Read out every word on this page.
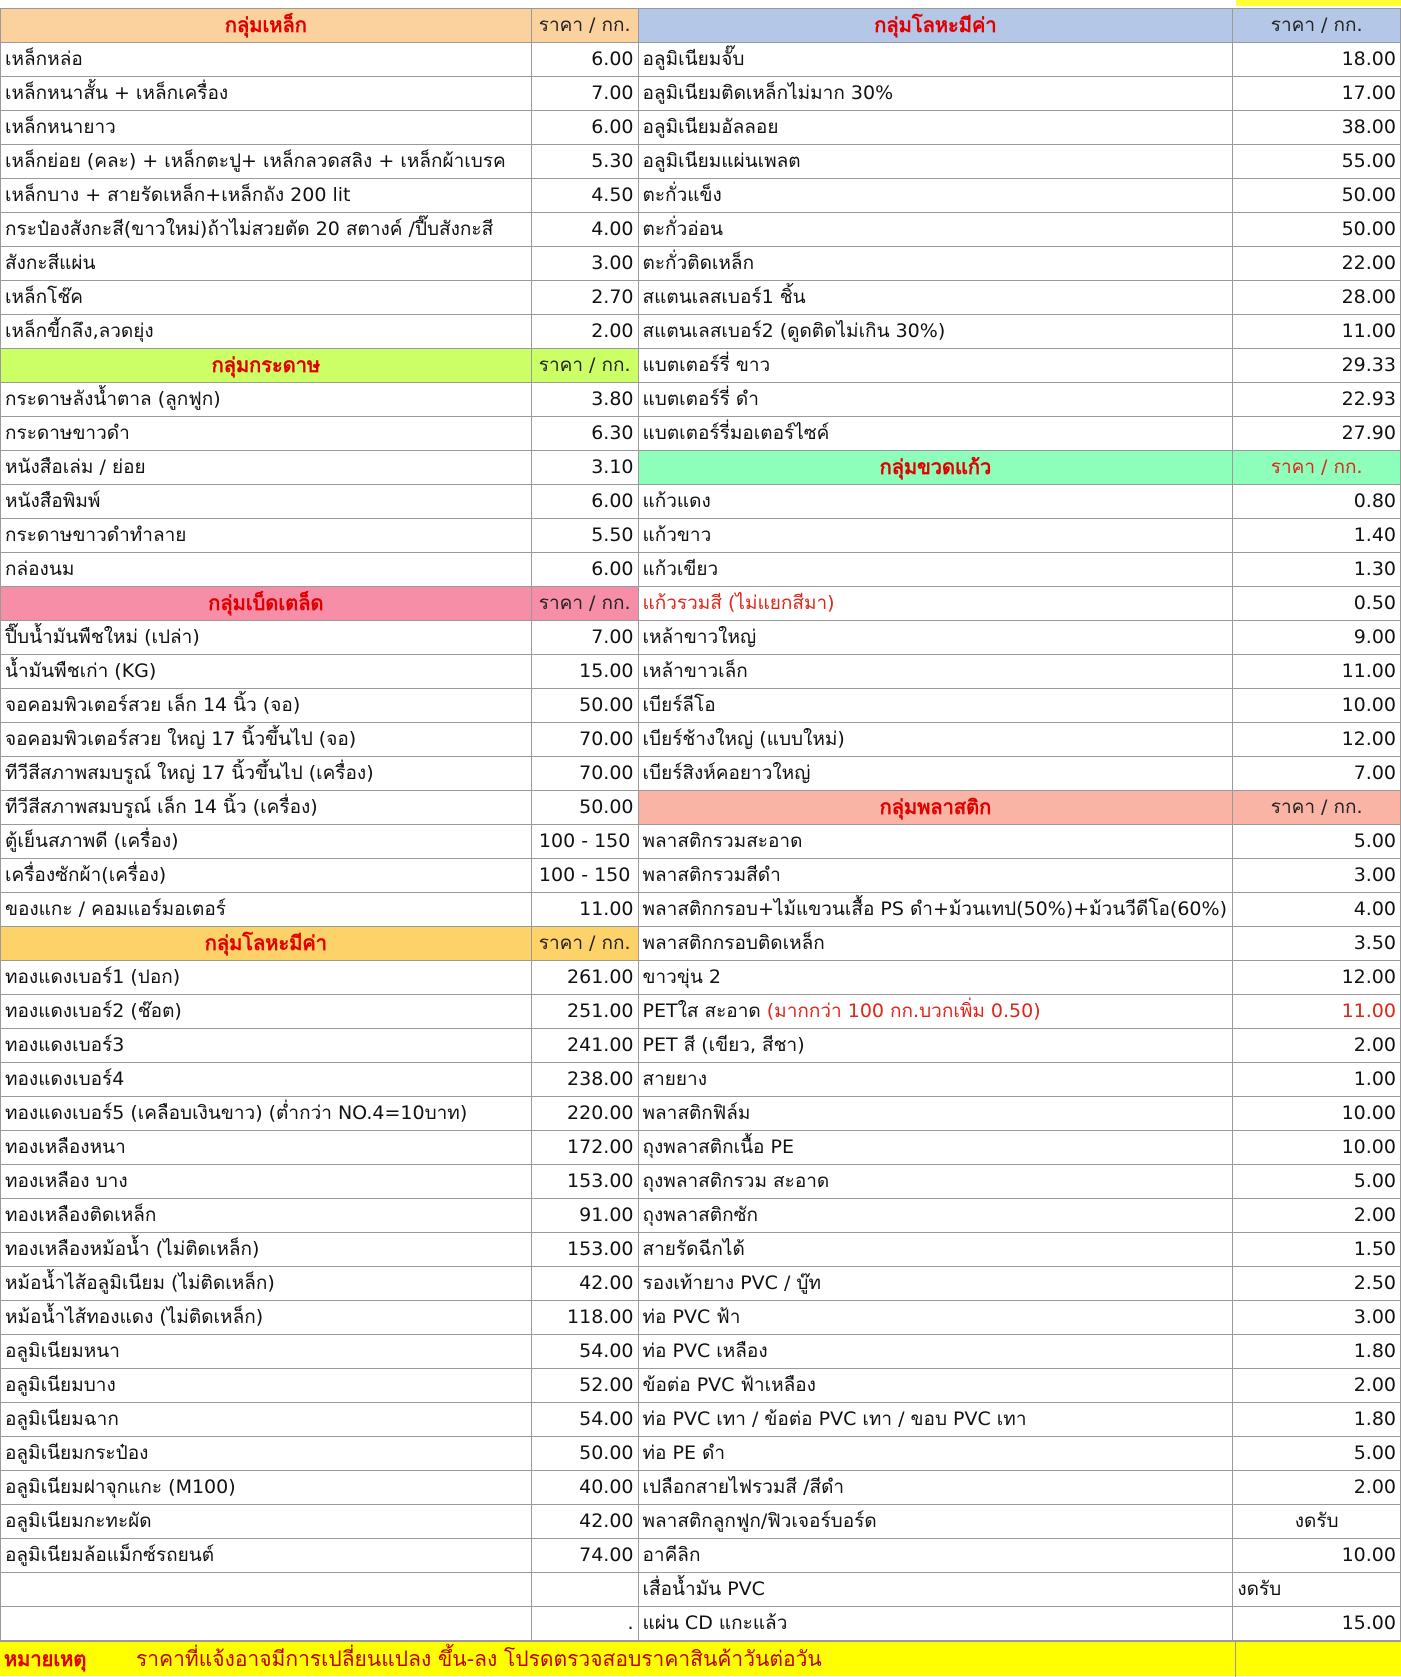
กลุ่มเหล็ก	ราคา / กก.	กลุ่มโลหะมีค่า	ราคา / กก.
เหล็กหล่อ	6.00	อลูมิเนียมจั๊บ	18.00
เหล็กหนาสั้น + เหล็กเครื่อง	7.00	อลูมิเนียมติดเหล็กไม่มาก 30%	17.00
เหล็กหนายาว	6.00	อลูมิเนียมอัลลอย	38.00
เหล็กย่อย (คละ) + เหล็กตะปู+ เหล็กลวดสลิง + เหล็กผ้าเบรค	5.30	อลูมิเนียมแผ่นเพลต	55.00
เหล็กบาง + สายรัดเหล็ก+เหล็กถัง 200 lit	4.50	ตะกั่วแข็ง	50.00
กระป๋องสังกะสี(ขาวใหม่)ถ้าไม่สวยตัด 20 สตางค์ /ปี๊บสังกะสี	4.00	ตะกั่วอ่อน	50.00
สังกะสีแผ่น	3.00	ตะกั่วติดเหล็ก	22.00
เหล็กโช๊ค	2.70	สแตนเลสเบอร์1 ชิ้น	28.00
เหล็กขี้กลึง,ลวดยุ่ง	2.00	สแตนเลสเบอร์2 (ดูดติดไม่เกิน 30%)	11.00
กลุ่มกระดาษ	ราคา / กก.	แบตเตอร์รี่ ขาว	29.33
กระดาษลังน้ำตาล (ลูกฟูก)	3.80	แบตเตอร์รี่ ดำ	22.93
กระดาษขาวดำ	6.30	แบตเตอร์รี่มอเตอร์ไซค์	27.90
หนังสือเล่ม / ย่อย	3.10	กลุ่มขวดแก้ว	ราคา / กก.
หนังสือพิมพ์	6.00	แก้วแดง	0.80
กระดาษขาวดำทำลาย	5.50	แก้วขาว	1.40
กล่องนม	6.00	แก้วเขียว	1.30
กลุ่มเบ็ดเตล็ด	ราคา / กก.	แก้วรวมสี (ไม่แยกสีมา)	0.50
ปี๊บน้ำมันพืชใหม่ (เปล่า)	7.00	เหล้าขาวใหญ่	9.00
น้ำมันพืชเก่า (KG)	15.00	เหล้าขาวเล็ก	11.00
จอคอมพิวเตอร์สวย เล็ก 14 นิ้ว (จอ)	50.00	เบียร์ลีโอ	10.00
จอคอมพิวเตอร์สวย ใหญ่ 17 นิ้วขึ้นไป (จอ)	70.00	เบียร์ช้างใหญ่ (แบบใหม่)	12.00
ทีวีสีสภาพสมบรูณ์ ใหญ่ 17 นิ้วขึ้นไป (เครื่อง)	70.00	เบียร์สิงห์คอยาวใหญ่	7.00
ทีวีสีสภาพสมบรูณ์ เล็ก 14 นิ้ว (เครื่อง)	50.00	กลุ่มพลาสติก	ราคา / กก.
ตู้เย็นสภาพดี (เครื่อง)	100 - 150	พลาสติกรวมสะอาด	5.00
เครื่องซักผ้า(เครื่อง)	100 - 150	พลาสติกรวมสีดำ	3.00
ของแกะ / คอมแอร์มอเตอร์	11.00	พลาสติกกรอบ+ไม้แขวนเสื้อ PS ดำ+ม้วนเทป(50%)+ม้วนวีดีโอ(60%)	4.00
กลุ่มโลหะมีค่า	ราคา / กก.	พลาสติกกรอบติดเหล็ก	3.50
ทองแดงเบอร์1 (ปอก)	261.00	ขาวขุ่น 2	12.00
ทองแดงเบอร์2 (ช๊อต)	251.00	PETใส สะอาด (มากกว่า 100 กก.บวกเพิ่ม 0.50)	11.00
ทองแดงเบอร์3	241.00	PET สี (เขียว, สีชา)	2.00
ทองแดงเบอร์4	238.00	สายยาง	1.00
ทองแดงเบอร์5 (เคลือบเงินขาว) (ต่ำกว่า NO.4=10บาท)	220.00	พลาสติกฟิล์ม	10.00
ทองเหลืองหนา	172.00	ถุงพลาสติกเนื้อ PE	10.00
ทองเหลือง บาง	153.00	ถุงพลาสติกรวม สะอาด	5.00
ทองเหลืองติดเหล็ก	91.00	ถุงพลาสติกซัก	2.00
ทองเหลืองหม้อน้ำ (ไม่ติดเหล็ก)	153.00	สายรัดฉีกได้	1.50
หม้อน้ำไส้อลูมิเนียม (ไม่ติดเหล็ก)	42.00	รองเท้ายาง PVC / บู๊ท	2.50
หม้อน้ำไส้ทองแดง (ไม่ติดเหล็ก)	118.00	ท่อ PVC ฟ้า	3.00
อลูมิเนียมหนา	54.00	ท่อ PVC เหลือง	1.80
อลูมิเนียมบาง	52.00	ข้อต่อ PVC ฟ้าเหลือง	2.00
อลูมิเนียมฉาก	54.00	ท่อ PVC เทา / ข้อต่อ PVC เทา / ขอบ PVC เทา	1.80
อลูมิเนียมกระป๋อง	50.00	ท่อ PE ดำ	5.00
อลูมิเนียมฝาจุกแกะ (M100)	40.00	เปลือกสายไฟรวมสี /สีดำ	2.00
อลูมิเนียมกะทะผัด	42.00	พลาสติกลูกฟูก/ฟิวเจอร์บอร์ด	งดรับ
อลูมิเนียมล้อแม็กซ์รถยนต์	74.00	อาคีลิก	10.00
		เสื่อน้ำมัน PVC	งดรับ
	.	แผ่น CD แกะแล้ว	15.00
หมายเหตุ ราคาที่แจ้งอาจมีการเปลี่ยนแปลง ขึ้น-ลง โปรดตรวจสอบราคาสินค้าวันต่อวัน
